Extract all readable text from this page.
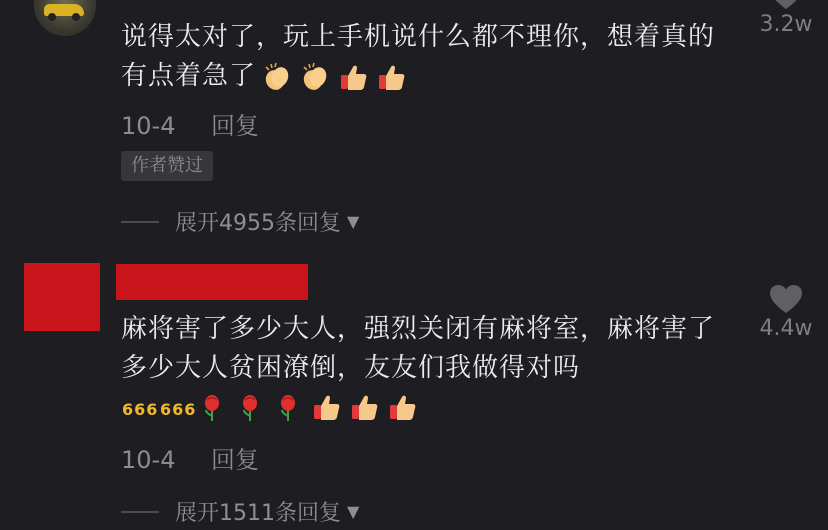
3.2w
说得太对了，玩上手机说什么都不理你，想着真的有点着急了
10-4 回复
作者赞过
展开4955条回复 ▼
4.4w
麻将害了多少大人，强烈关闭有麻将室，麻将害了多少大人贫困潦倒，友友们我做得对吗
666 666
10-4 回复
展开1511条回复 ▼
